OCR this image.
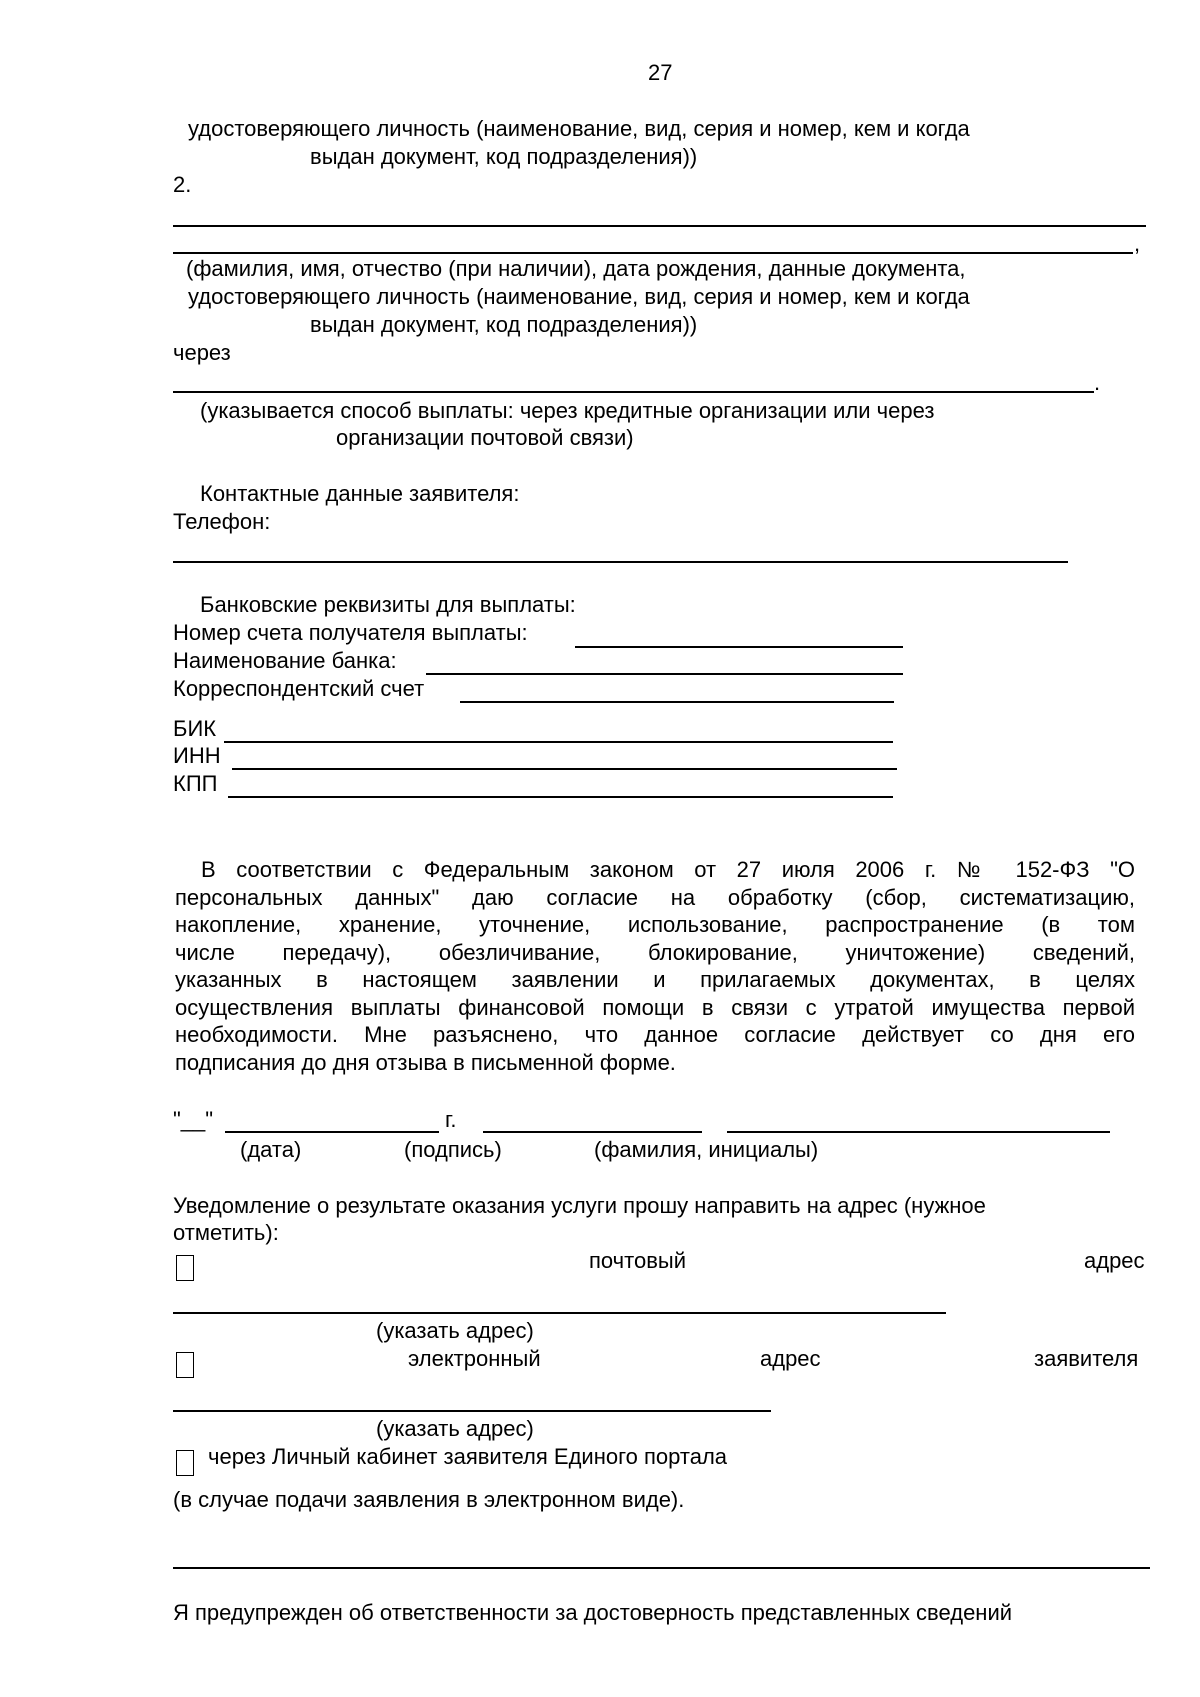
27
удостоверяющего личность (наименование, вид, серия и номер, кем и когда
выдан документ, код подразделения))
2.
,
(фамилия, имя, отчество (при наличии), дата рождения, данные документа,
удостоверяющего личность (наименование, вид, серия и номер, кем и когда
выдан документ, код подразделения))
через
.
(указывается способ выплаты: через кредитные организации или через
организации почтовой связи)
Контактные данные заявителя:
Телефон:
Банковские реквизиты для выплаты:
Номер счета получателя выплаты:
Наименование банка:
Корреспондентский счет
БИК
ИНН
КПП
В соответствии с Федеральным законом от 27 июля 2006 г. № 152-ФЗ "О
персональных данных" даю согласие на обработку (сбор, систематизацию,
накопление, хранение, уточнение, использование, распространение (в том
числе передачу), обезличивание, блокирование, уничтожение) сведений,
указанных в настоящем заявлении и прилагаемых документах, в целях
осуществления выплаты финансовой помощи в связи с утратой имущества первой
необходимости. Мне разъяснено, что данное согласие действует со дня его
подписания до дня отзыва в письменной форме.
"__"	г.
(дата)	(подпись)	(фамилия, инициалы)
Уведомление о результате оказания услуги прошу направить на адрес (нужное
отметить):
почтовый	адрес
(указать адрес)
электронный	адрес	заявителя
(указать адрес)
через Личный кабинет заявителя Единого портала
(в случае подачи заявления в электронном виде).
Я предупрежден об ответственности за достоверность представленных сведений
